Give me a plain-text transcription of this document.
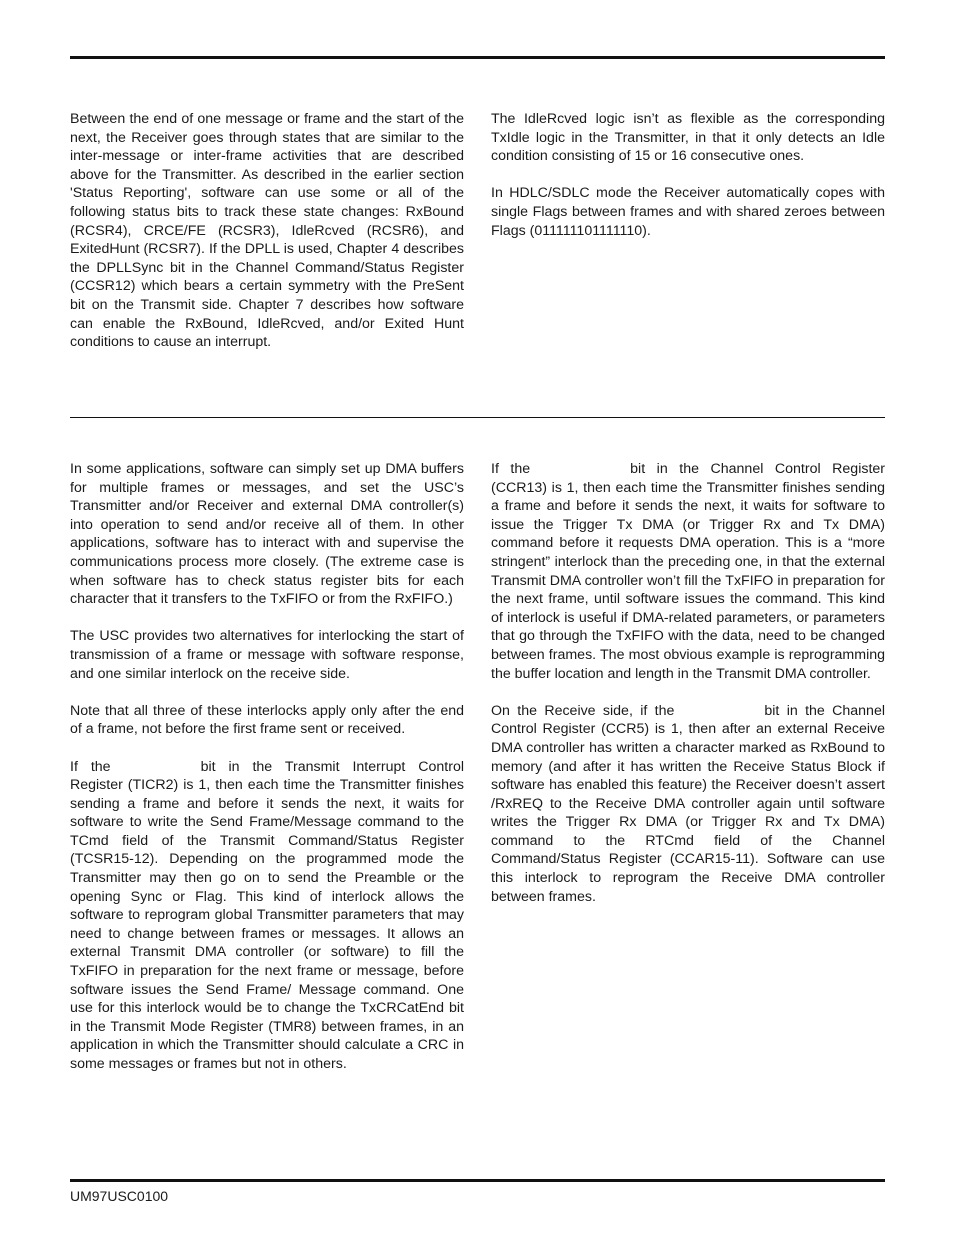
Between the end of one message or frame and the start of the next, the Receiver goes through states that are similar to the inter-message or inter-frame activities that are described above for the Transmitter. As described in the earlier section 'Status Reporting', software can use some or all of the following status bits to track these state changes: RxBound (RCSR4), CRCE/FE (RCSR3), IdleRcved (RCSR6), and ExitedHunt (RCSR7). If the DPLL is used, Chapter 4 describes the DPLLSync bit in the Channel Command/Status Register (CCSR12) which bears a certain symmetry with the PreSent bit on the Transmit side. Chapter 7 describes how software can enable the RxBound, IdleRcved, and/or Exited Hunt conditions to cause an interrupt.

The IdleRcved logic isn’t as flexible as the corresponding TxIdle logic in the Transmitter, in that it only detects an Idle condition consisting of 15 or 16 consecutive ones.

In HDLC/SDLC mode the Receiver automatically copes with single Flags between frames and with shared zeroes between Flags (011111101111110).

In some applications, software can simply set up DMA buffers for multiple frames or messages, and set the USC’s Transmitter and/or Receiver and external DMA controller(s) into operation to send and/or receive all of them. In other applications, software has to interact with and supervise the communications process more closely. (The extreme case is when software has to check status register bits for each character that it transfers to the TxFIFO or from the RxFIFO.)

The USC provides two alternatives for interlocking the start of transmission of a frame or message with software response, and one similar interlock on the receive side.

Note that all three of these interlocks apply only after the end of a frame, not before the first frame sent or received.

If the	bit in the Transmit Interrupt Control Register (TICR2) is 1, then each time the Transmitter finishes sending a frame and before it sends the next, it waits for software to write the Send Frame/Message command to the TCmd field of the Transmit Command/Status Register (TCSR15-12). Depending on the programmed mode the Transmitter may then go on to send the Preamble or the opening Sync or Flag. This kind of interlock allows the software to reprogram global Transmitter parameters that may need to change between frames or messages. It allows an external Transmit DMA controller (or software) to fill the TxFIFO in preparation for the next frame or message, before software issues the Send Frame/ Message command. One use for this interlock would be to change the TxCRCatEnd bit in the Transmit Mode Register (TMR8) between frames, in an application in which the Transmitter should calculate a CRC in some messages or frames but not in others.

If the	bit in the Channel Control Register (CCR13) is 1, then each time the Transmitter finishes sending a frame and before it sends the next, it waits for software to issue the Trigger Tx DMA (or Trigger Rx and Tx DMA) command before it requests DMA operation. This is a “more stringent” interlock than the preceding one, in that the external Transmit DMA controller won’t fill the TxFIFO in preparation for the next frame, until software issues the command. This kind of interlock is useful if DMA-related parameters, or parameters that go through the TxFIFO with the data, need to be changed between frames. The most obvious example is reprogramming the buffer location and length in the Transmit DMA controller.

On the Receive side, if the	bit in the Channel Control Register (CCR5) is 1, then after an external Receive DMA controller has written a character marked as RxBound to memory (and after it has written the Receive Status Block if software has enabled this feature) the Receiver doesn’t assert /RxREQ to the Receive DMA controller again until software writes the Trigger Rx DMA (or Trigger Rx and Tx DMA) command to the RTCmd field of the Channel Command/Status Register (CCAR15-11). Software can use this interlock to reprogram the Receive DMA controller between frames.

UM97USC0100
